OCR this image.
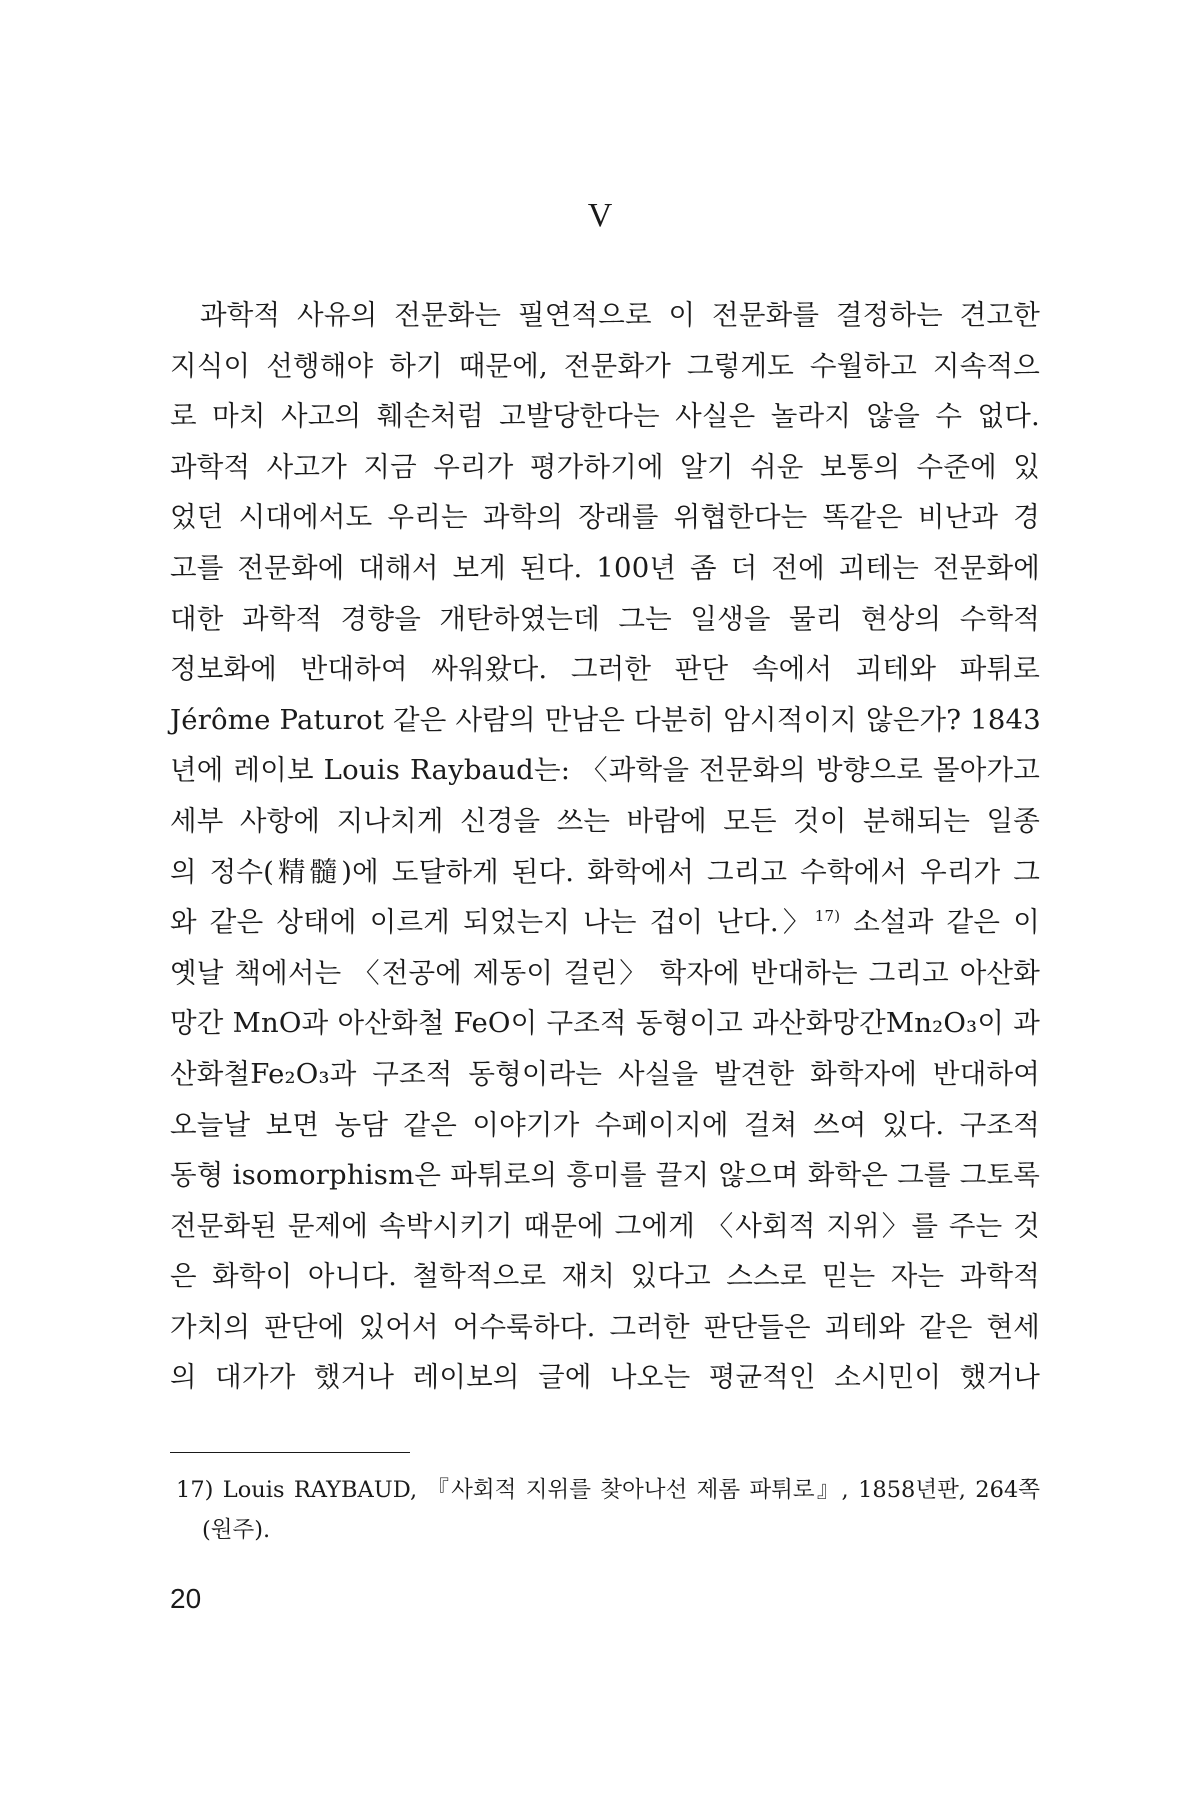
V
과학적 사유의 전문화는 필연적으로 이 전문화를 결정하는 견고한
지식이 선행해야 하기 때문에, 전문화가 그렇게도 수월하고 지속적으
로 마치 사고의 훼손처럼 고발당한다는 사실은 놀라지 않을 수 없다.
과학적 사고가 지금 우리가 평가하기에 알기 쉬운 보통의 수준에 있
었던 시대에서도 우리는 과학의 장래를 위협한다는 똑같은 비난과 경
고를 전문화에 대해서 보게 된다. 100년 좀 더 전에 괴테는 전문화에
대한 과학적 경향을 개탄하였는데 그는 일생을 물리 현상의 수학적
정보화에 반대하여 싸워왔다. 그러한 판단 속에서 괴테와 파튀로
Jérôme Paturot 같은 사람의 만남은 다분히 암시적이지 않은가? 1843
년에 레이보 Louis Raybaud는: 〈과학을 전문화의 방향으로 몰아가고
세부 사항에 지나치게 신경을 쓰는 바람에 모든 것이 분해되는 일종
의 정수(精髓)에 도달하게 된다. 화학에서 그리고 수학에서 우리가 그
와 같은 상태에 이르게 되었는지 나는 겁이 난다.〉$^{17)}$ 소설과 같은 이
옛날 책에서는 〈전공에 제동이 걸린〉 학자에 반대하는 그리고 아산화
망간 MnO과 아산화철 FeO이 구조적 동형이고 과산화망간Mn₂O₃이 과
산화철Fe₂O₃과 구조적 동형이라는 사실을 발견한 화학자에 반대하여
오늘날 보면 농담 같은 이야기가 수페이지에 걸쳐 쓰여 있다. 구조적
동형 isomorphism은 파튀로의 흥미를 끌지 않으며 화학은 그를 그토록
전문화된 문제에 속박시키기 때문에 그에게 〈사회적 지위〉를 주는 것
은 화학이 아니다. 철학적으로 재치 있다고 스스로 믿는 자는 과학적
가치의 판단에 있어서 어수룩하다. 그러한 판단들은 괴테와 같은 현세
의 대가가 했거나 레이보의 글에 나오는 평균적인 소시민이 했거나
17) Louis RAYBAUD, 『사회적 지위를 찾아나선 제롬 파튀로』, 1858년판, 264쪽
(원주).
20
